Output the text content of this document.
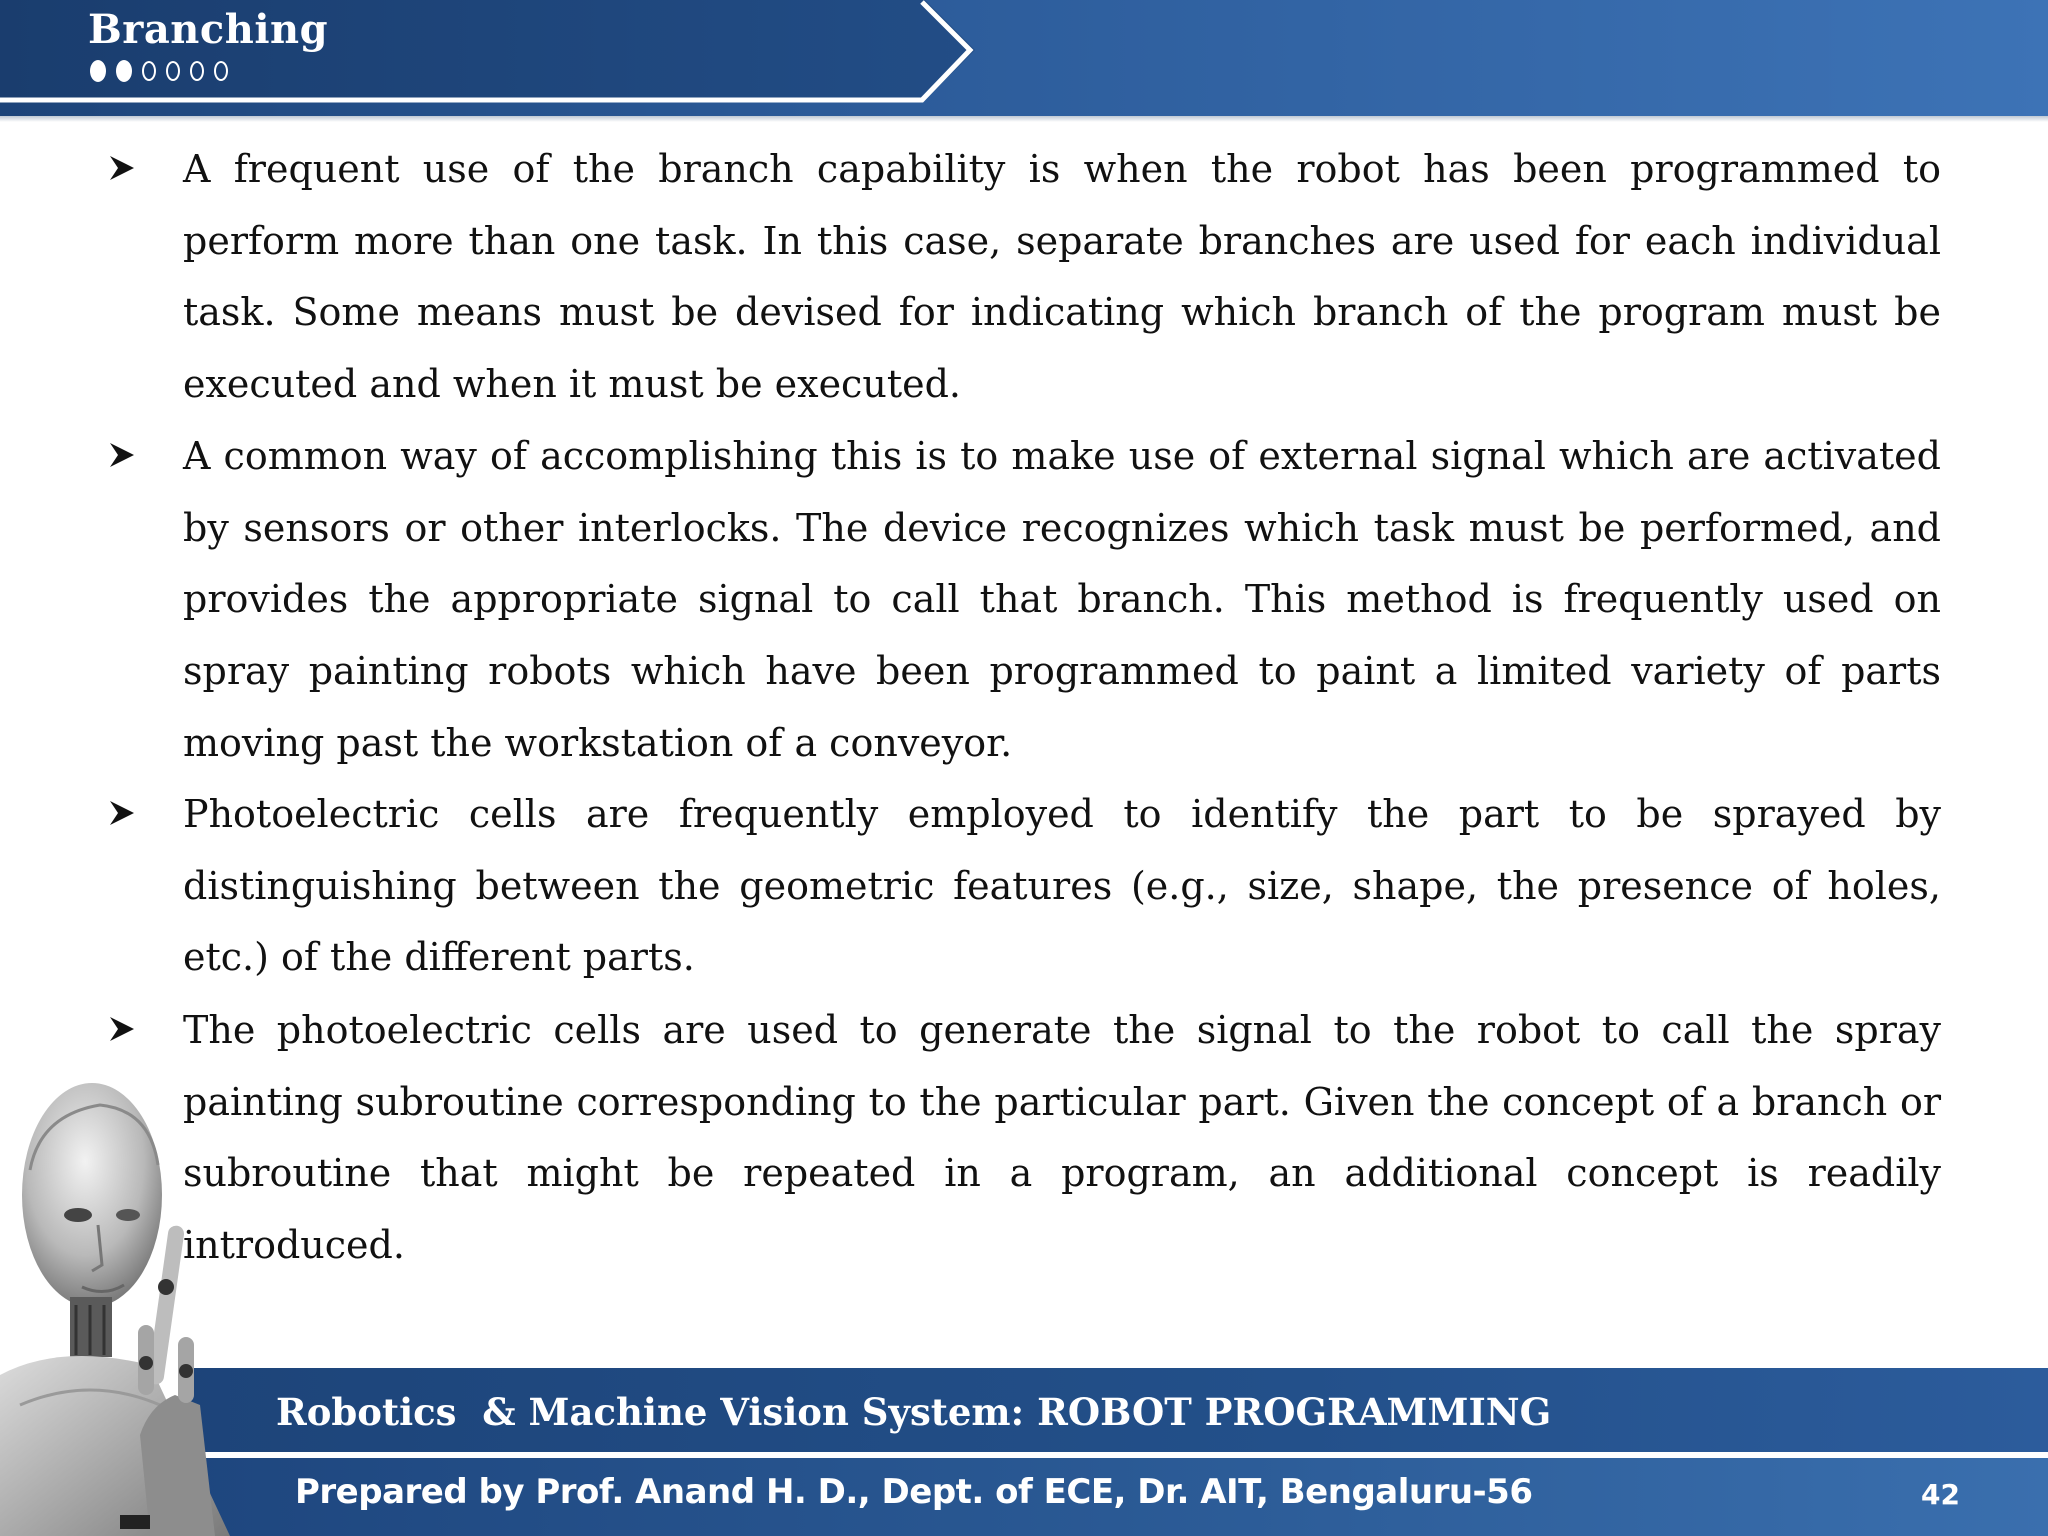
Branching
A frequent use of the branch capability is when the robot has been programmed to perform more than one task. In this case, separate branches are used for each individual task. Some means must be devised for indicating which branch of the program must be executed and when it must be executed.
A common way of accomplishing this is to make use of external signal which are activated by sensors or other interlocks. The device recognizes which task must be performed, and provides the appropriate signal to call that branch. This method is frequently used on spray painting robots which have been programmed to paint a limited variety of parts moving past the workstation of a conveyor.
Photoelectric cells are frequently employed to identify the part to be sprayed by distinguishing between the geometric features (e.g., size, shape, the presence of holes, etc.) of the different parts.
The photoelectric cells are used to generate the signal to the robot to call the spray painting subroutine corresponding to the particular part. Given the concept of a branch or subroutine that might be repeated in a program, an additional concept is readily introduced.
Robotics  & Machine Vision System: ROBOT PROGRAMMING
Prepared by Prof. Anand H. D., Dept. of ECE, Dr. AIT, Bengaluru-56	42
